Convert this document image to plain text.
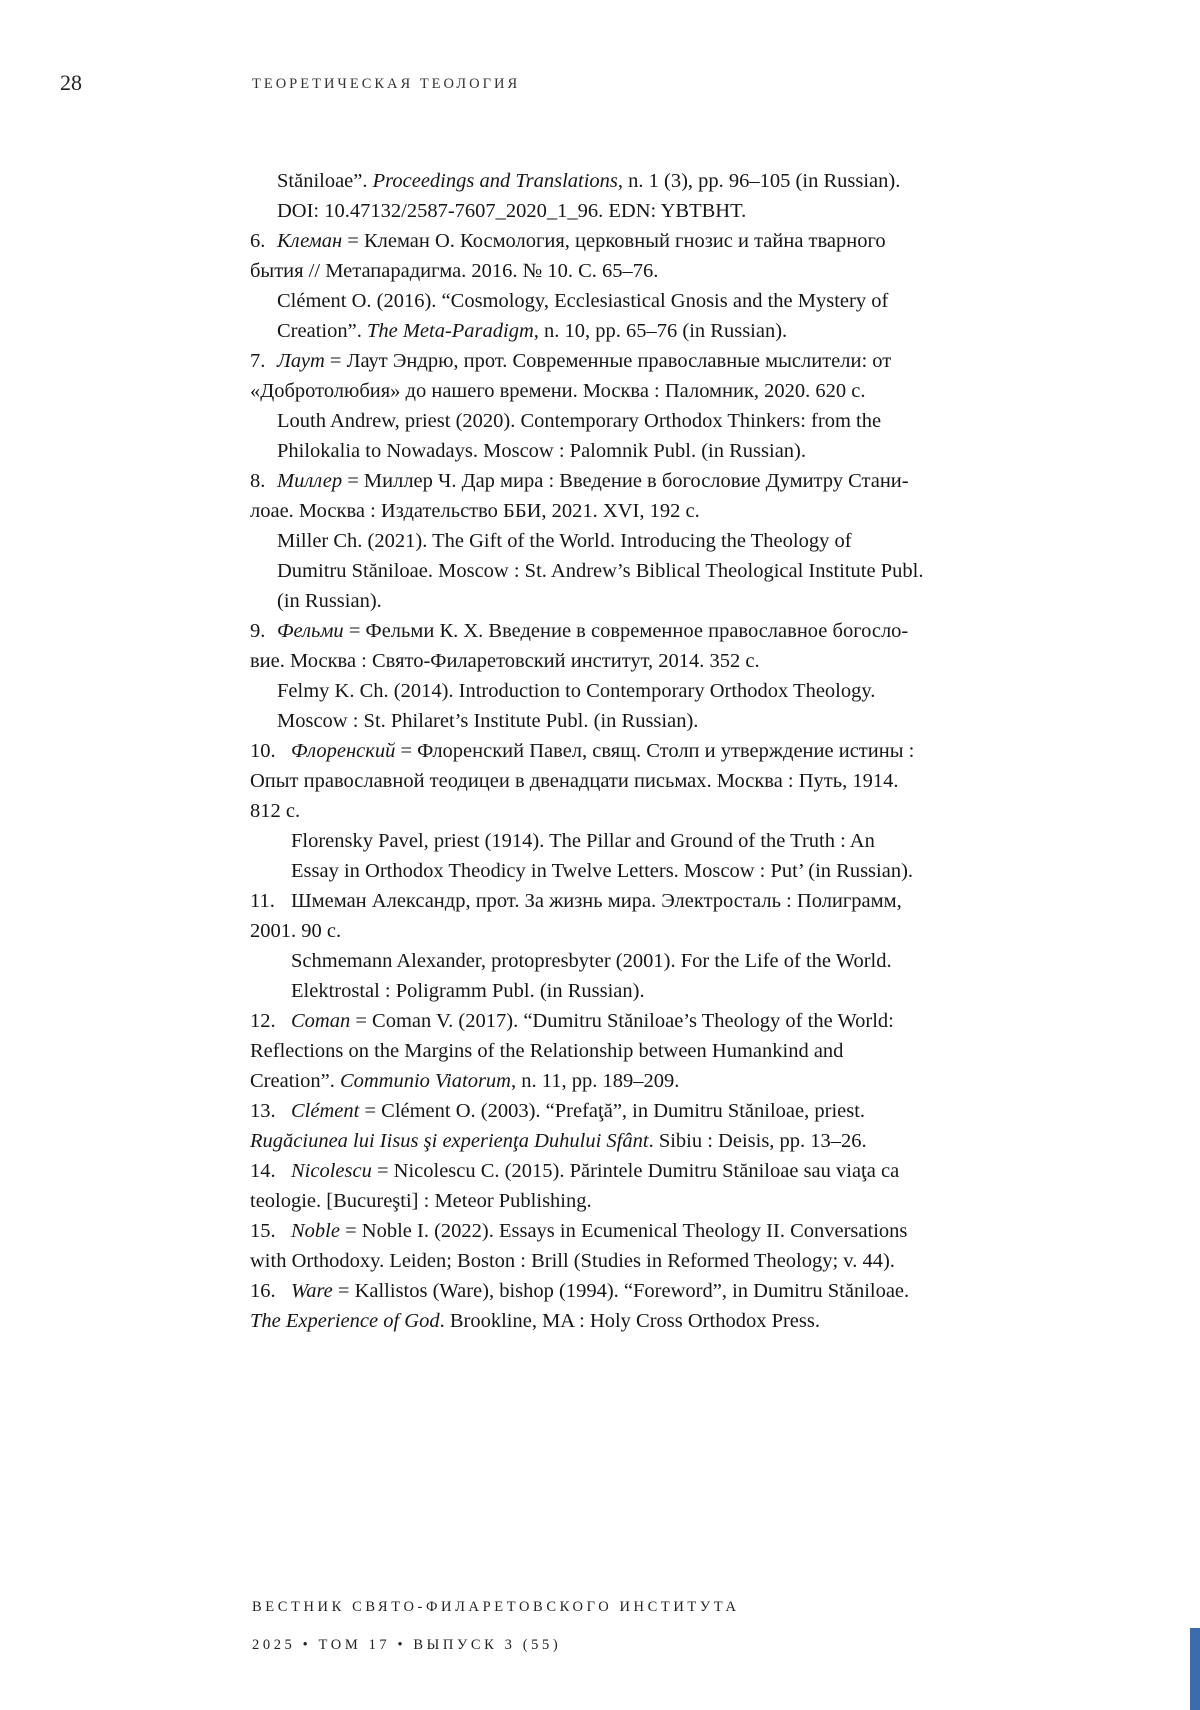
28	ТЕОРЕТИЧЕСКАЯ ТЕОЛОГИЯ
Stăniloae”. Proceedings and Translations, n. 1 (3), pp. 96–105 (in Russian).
DOI: 10.47132/2587-7607_2020_1_96. EDN: YBTBHT.
6. Клеман = Клеман О. Космология, церковный гнозис и тайна тварного
бытия // Метапарадигма. 2016. № 10. С. 65–76.
Clément O. (2016). “Cosmology, Ecclesiastical Gnosis and the Mystery of
Creation”. The Meta-Paradigm, n. 10, pp. 65–76 (in Russian).
7. Лаут = Лаут Эндрю, прот. Современные православные мыслители: от
«Добротолюбия» до нашего времени. Москва : Паломник, 2020. 620 с.
Louth Andrew, priest (2020). Contemporary Orthodox Thinkers: from the
Philokalia to Nowadays. Moscow : Palomnik Publ. (in Russian).
8. Миллер = Миллер Ч. Дар мира : Введение в богословие Думитру Стани-
лоае. Москва : Издательство ББИ, 2021. XVI, 192 с.
Miller Ch. (2021). The Gift of the World. Introducing the Theology of
Dumitru Stăniloae. Moscow : St. Andrew’s Biblical Theological Institute Publ.
(in Russian).
9. Фельми = Фельми К. Х. Введение в современное православное богосло-
вие. Москва : Свято-Филаретовский институт, 2014. 352 с.
Felmy K. Ch. (2014). Introduction to Contemporary Orthodox Theology.
Moscow : St. Philaret’s Institute Publ. (in Russian).
10. Флоренский = Флоренский Павел, свящ. Столп и утверждение истины :
Опыт православной теодицеи в двенадцати письмах. Москва : Путь, 1914.
812 с.
Florensky Pavel, priest (1914). The Pillar and Ground of the Truth : An
Essay in Orthodox Theodicy in Twelve Letters. Moscow : Put’ (in Russian).
11. Шмеман Александр, прот. За жизнь мира. Электросталь : Полиграмм,
2001. 90 с.
Schmemann Alexander, protopresbyter (2001). For the Life of the World.
Elektrostal : Poligramm Publ. (in Russian).
12. Coman = Coman V. (2017). “Dumitru Stăniloae’s Theology of the World:
Reflections on the Margins of the Relationship between Humankind and
Creation”. Communio Viatorum, n. 11, pp. 189–209.
13. Clément = Clément O. (2003). “Prefaţă”, in Dumitru Stăniloae, priest.
Rugăciunea lui Iisus şi experienţa Duhului Sfânt. Sibiu : Deisis, pp. 13–26.
14. Nicolescu = Nicolescu C. (2015). Părintele Dumitru Stăniloae sau viaţa ca
teologie. [Bucureşti] : Meteor Publishing.
15. Noble = Noble I. (2022). Essays in Ecumenical Theology II. Conversations
with Orthodoxy. Leiden; Boston : Brill (Studies in Reformed Theology; v. 44).
16. Ware = Kallistos (Ware), bishop (1994). “Foreword”, in Dumitru Stăniloae.
The Experience of God. Brookline, MA : Holy Cross Orthodox Press.
ВЕСТНИК СВЯТО-ФИЛАРЕТОВСКОГО ИНСТИТУТА
2025 • ТОМ 17 • ВЫПУСК 3 (55)
